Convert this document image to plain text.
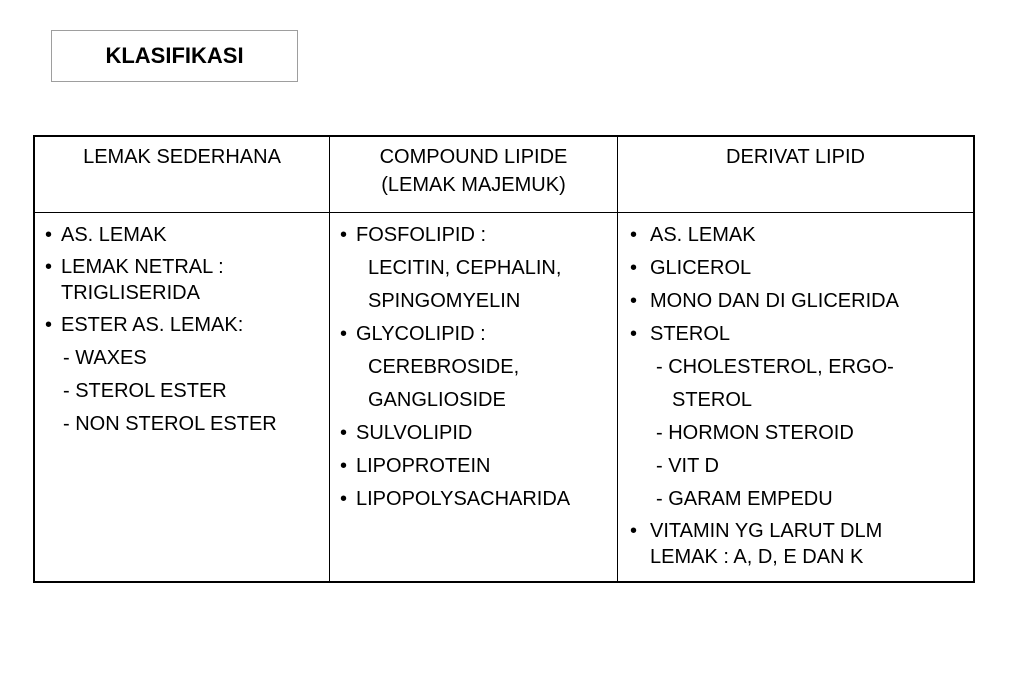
KLASIFIKASI
LEMAK SEDERHANA	COMPOUND LIPIDE
(LEMAK MAJEMUK)
DERIVAT LIPID
• AS. LEMAK
• LEMAK NETRAL :
TRIGLISERIDA
• ESTER AS. LEMAK:
- WAXES
- STEROL ESTER
- NON STEROL ESTER
• FOSFOLIPID :
LECITIN, CEPHALIN,
SPINGOMYELIN
• GLYCOLIPID :
CEREBROSIDE,
GANGLIOSIDE
• SULVOLIPID
• LIPOPROTEIN
• LIPOPOLYSACHARIDA
• AS. LEMAK
• GLICEROL
• MONO DAN DI GLICERIDA
• STEROL
- CHOLESTEROL, ERGO-
STEROL
- HORMON STEROID
- VIT D
- GARAM EMPEDU
• VITAMIN YG LARUT DLM
LEMAK : A, D, E DAN K
